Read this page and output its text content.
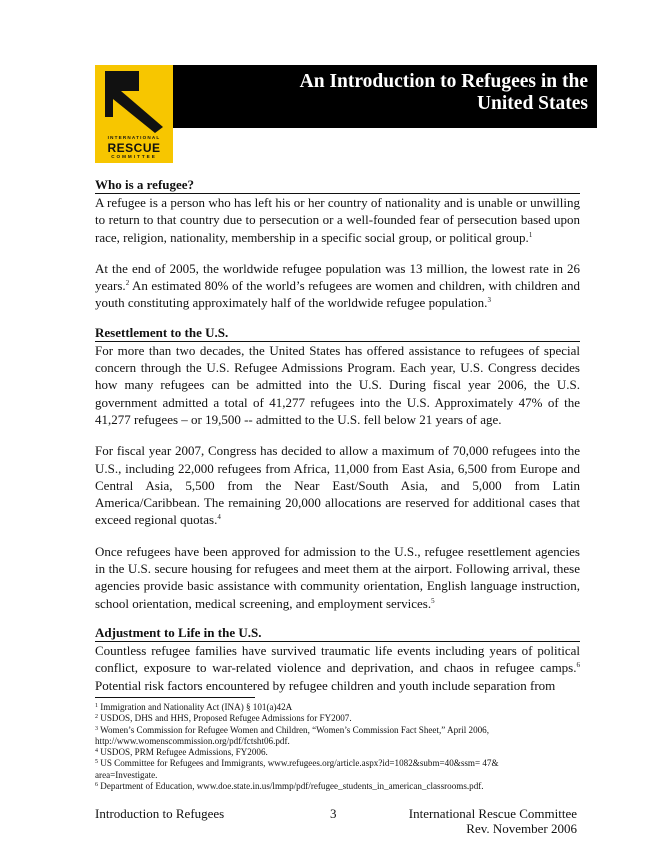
INTERNATIONAL
RESCUE
COMMITTEE
An Introduction to Refugees in the
United States
Who is a refugee?

A refugee is a person who has left his or her country of nationality and is unable or unwilling to return to that country due to persecution or a well-founded fear of persecution based upon race, religion, nationality, membership in a specific social group, or political group.$^1$

At the end of 2005, the worldwide refugee population was 13 million, the lowest rate in 26 years.$^2$ An estimated 80% of the world’s refugees are women and children, with children and youth constituting approximately half of the worldwide refugee population.$^3$

Resettlement to the U.S.

For more than two decades, the United States has offered assistance to refugees of special concern through the U.S. Refugee Admissions Program. Each year, U.S. Congress decides how many refugees can be admitted into the U.S. During fiscal year 2006, the U.S. government admitted a total of 41,277 refugees into the U.S. Approximately 47% of the 41,277 refugees – or 19,500 -- admitted to the U.S. fell below 21 years of age.

For fiscal year 2007, Congress has decided to allow a maximum of 70,000 refugees into the U.S., including 22,000 refugees from Africa, 11,000 from East Asia, 6,500 from Europe and Central Asia, 5,500 from the Near East/South Asia, and 5,000 from Latin America/Caribbean. The remaining 20,000 allocations are reserved for additional cases that exceed regional quotas.$^4$

Once refugees have been approved for admission to the U.S., refugee resettlement agencies in the U.S. secure housing for refugees and meet them at the airport. Following arrival, these agencies provide basic assistance with community orientation, English language instruction, school orientation, medical screening, and employment services.$^5$

Adjustment to Life in the U.S.

Countless refugee families have survived traumatic life events including years of political conflict, exposure to war-related violence and deprivation, and chaos in refugee camps.$^6$ Potential risk factors encountered by refugee children and youth include separation from

$^1$ Immigration and Nationality Act (INA) § 101(a)42A
$^2$ USDOS, DHS and HHS, Proposed Refugee Admissions for FY2007.
$^3$ Women’s Commission for Refugee Women and Children, “Women’s Commission Fact Sheet,” April 2006,
http://www.womenscommission.org/pdf/fctsht06.pdf.
$^4$ USDOS, PRM Refugee Admissions, FY2006.
$^5$ US Committee for Refugees and Immigrants, www.refugees.org/article.aspx?id=1082&subm=40&ssm= 47&
area=Investigate.
$^6$ Department of Education, www.doe.state.in.us/lmmp/pdf/refugee_students_in_american_classrooms.pdf.
Introduction to Refugees	3	International Rescue Committee
Rev. November 2006
